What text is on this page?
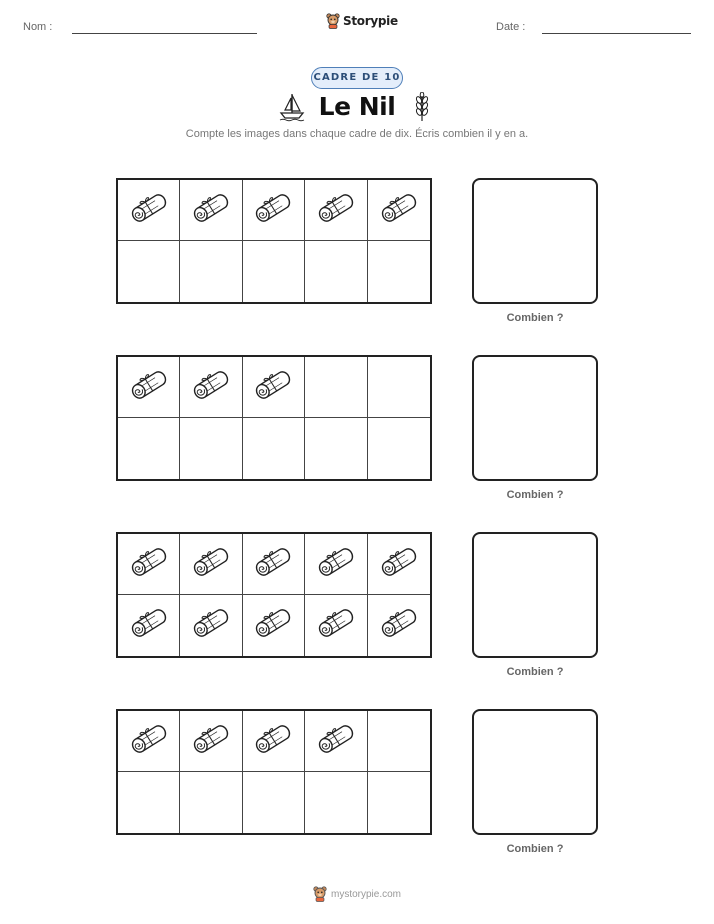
Nom :	Storypie	Date :
CADRE DE 10
Le Nil
Compte les images dans chaque cadre de dix. Écris combien il y en a.
Combien ?
Combien ?
Combien ?
Combien ?
mystorypie.com
